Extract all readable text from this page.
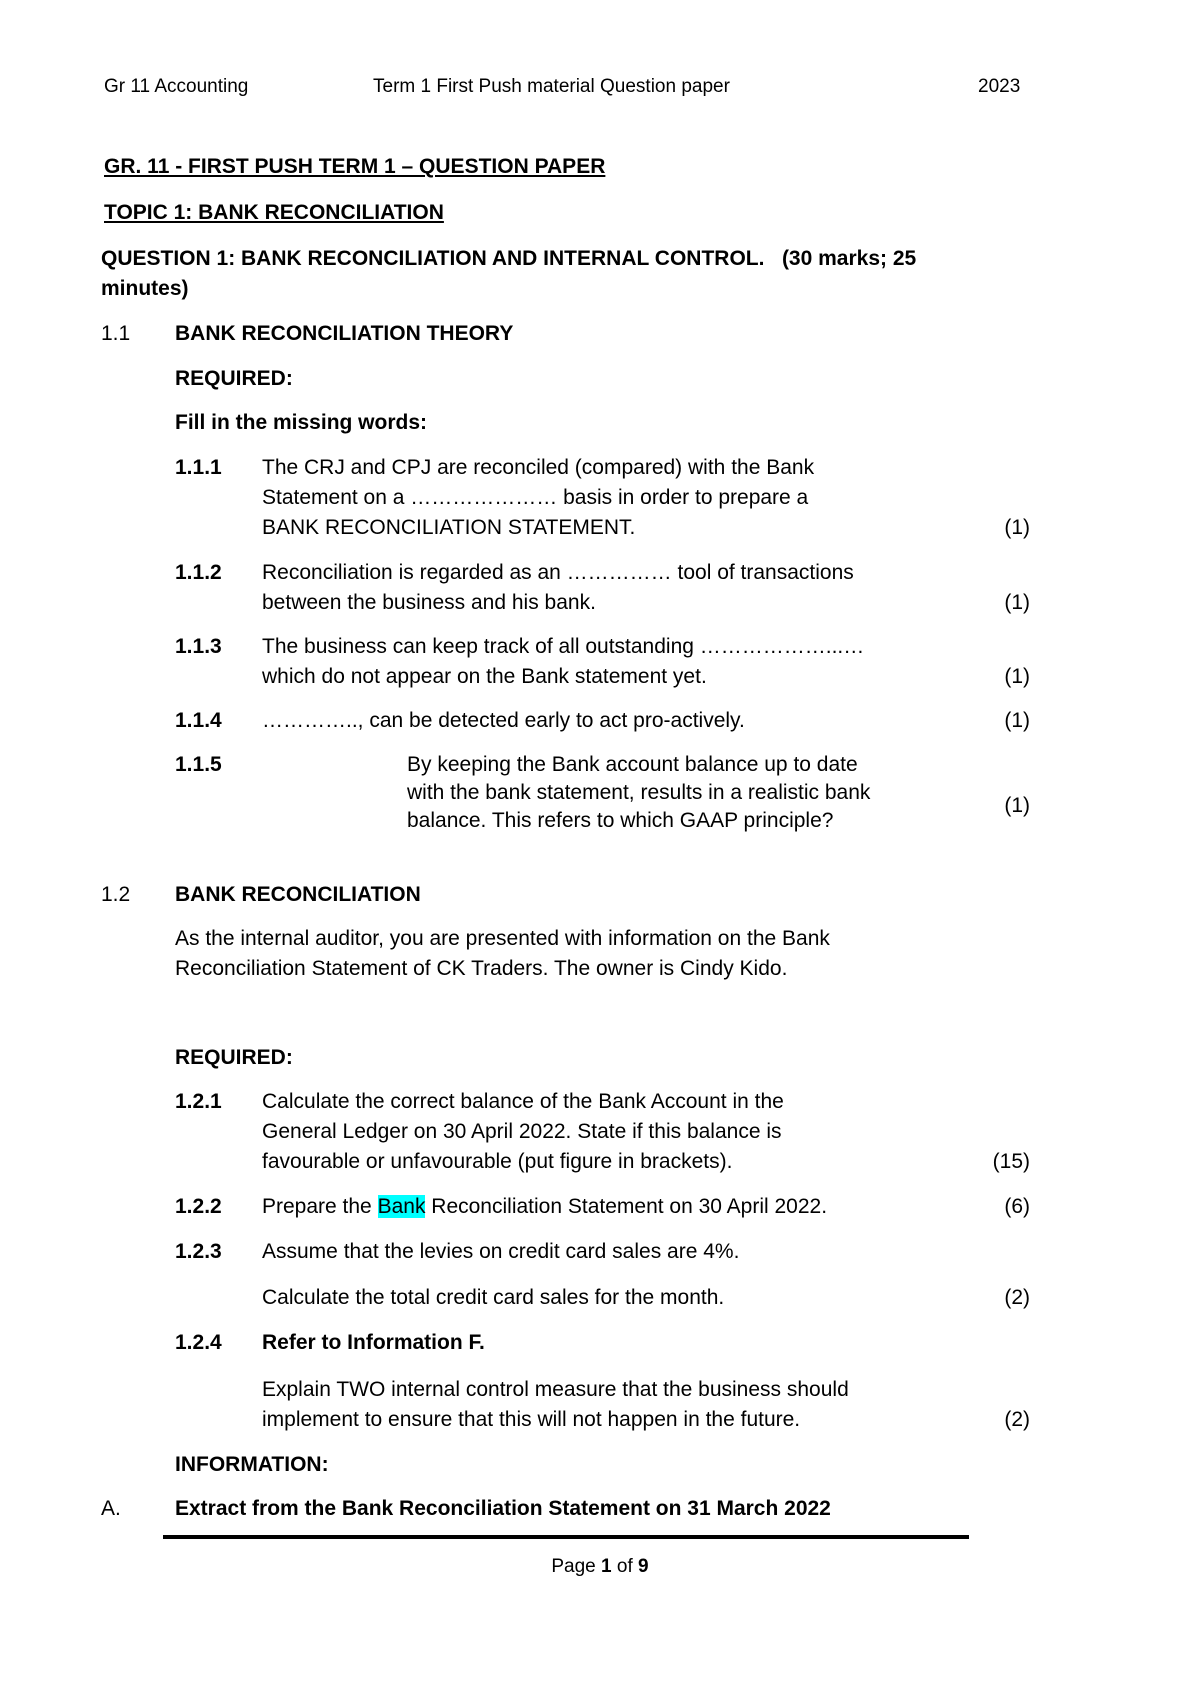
Gr 11 Accounting	Term 1 First Push material Question paper	2023
GR. 11 - FIRST PUSH TERM 1 – QUESTION PAPER
TOPIC 1: BANK RECONCILIATION
QUESTION 1: BANK RECONCILIATION AND INTERNAL CONTROL.   (30 marks; 25
minutes)
1.1 BANK RECONCILIATION THEORY
REQUIRED:
Fill in the missing words:
1.1.1 The CRJ and CPJ are reconciled (compared) with the Bank
Statement on a ………………… basis in order to prepare a
BANK RECONCILIATION STATEMENT.	(1)
1.1.2 Reconciliation is regarded as an …………… tool of transactions
between the business and his bank.	(1)
1.1.3 The business can keep track of all outstanding ………………...…
which do not appear on the Bank statement yet.	(1)
1.1.4 ………….., can be detected early to act pro-actively.	(1)
1.1.5	By keeping the Bank account balance up to date
with the bank statement, results in a realistic bank
balance. This refers to which GAAP principle?
(1)
1.2 BANK RECONCILIATION
As the internal auditor, you are presented with information on the Bank
Reconciliation Statement of CK Traders. The owner is Cindy Kido.
REQUIRED:
1.2.1 Calculate the correct balance of the Bank Account in the
General Ledger on 30 April 2022. State if this balance is
favourable or unfavourable (put figure in brackets).	(15)
1.2.2 Prepare the Bank Reconciliation Statement on 30 April 2022.	(6)
1.2.3 Assume that the levies on credit card sales are 4%.
Calculate the total credit card sales for the month.	(2)
1.2.4 Refer to Information F.
Explain TWO internal control measure that the business should
implement to ensure that this will not happen in the future.	(2)
INFORMATION:
A.	Extract from the Bank Reconciliation Statement on 31 March 2022
Page 1 of 9
